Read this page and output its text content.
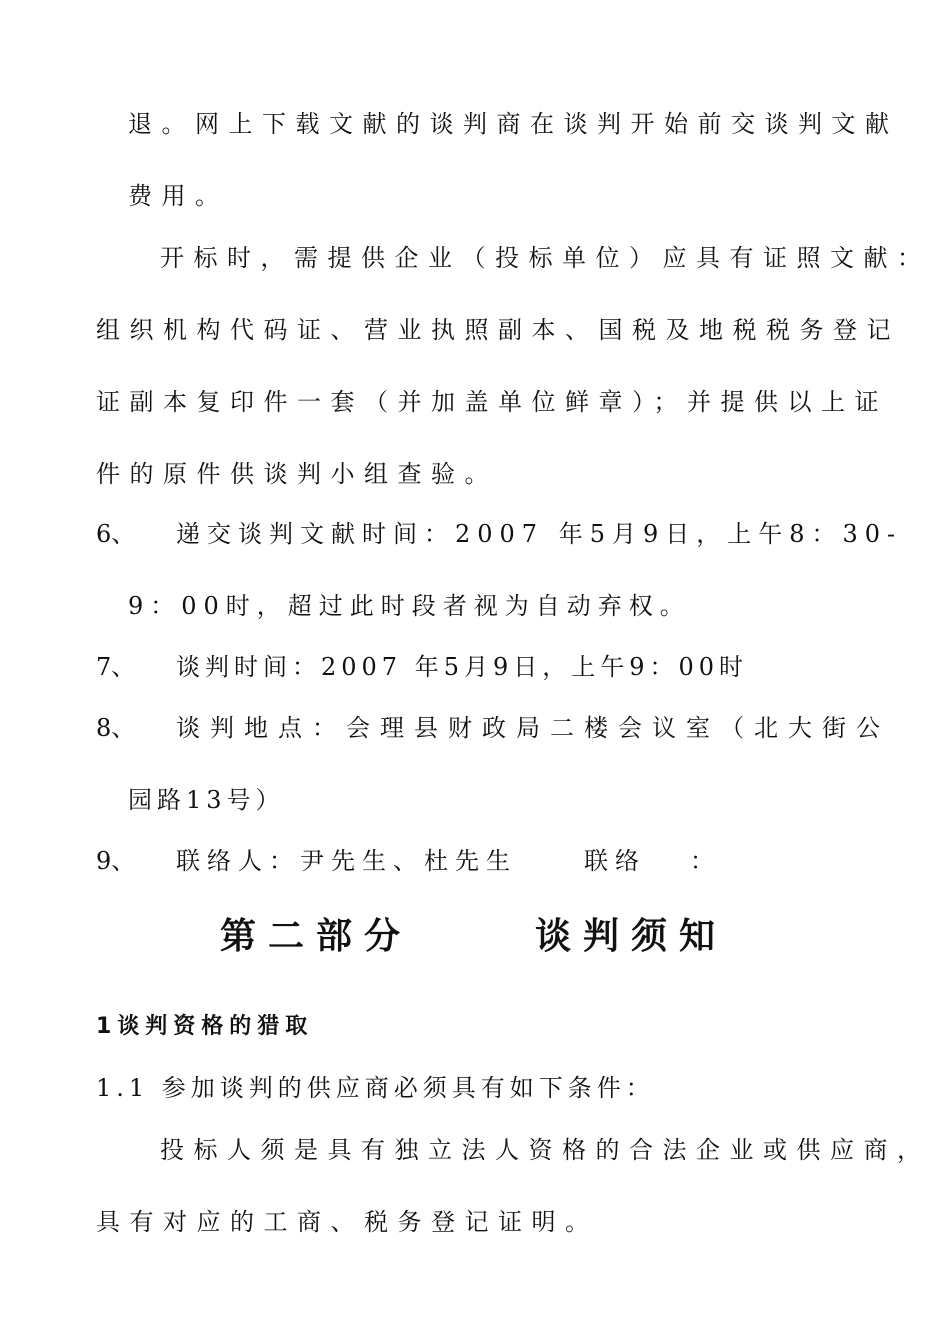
退。网上下载文献的谈判商在谈判开始前交谈判文献
费用。
开标时，需提供企业（投标单位）应具有证照文献：
组织机构代码证、营业执照副本、国税及地税税务登记
证副本复印件一套（并加盖单位鲜章）；并提供以上证
件的原件供谈判小组查验。
6、 递交谈判文献时间：2007 年5月9日，上午8：30-
9：00时，超过此时段者视为自动弃权。
7、 谈判时间：2007 年5月9日，上午9：00时
8、 谈判地点：会理县财政局二楼会议室（北大街公
园路13号）
9、 联络人：尹先生、杜先生	联络 ：
第二部分	谈判须知
1谈判资格的猎取
1.1 参加谈判的供应商必须具有如下条件：
投标人须是具有独立法人资格的合法企业或供应商，
具有对应的工商、税务登记证明。
